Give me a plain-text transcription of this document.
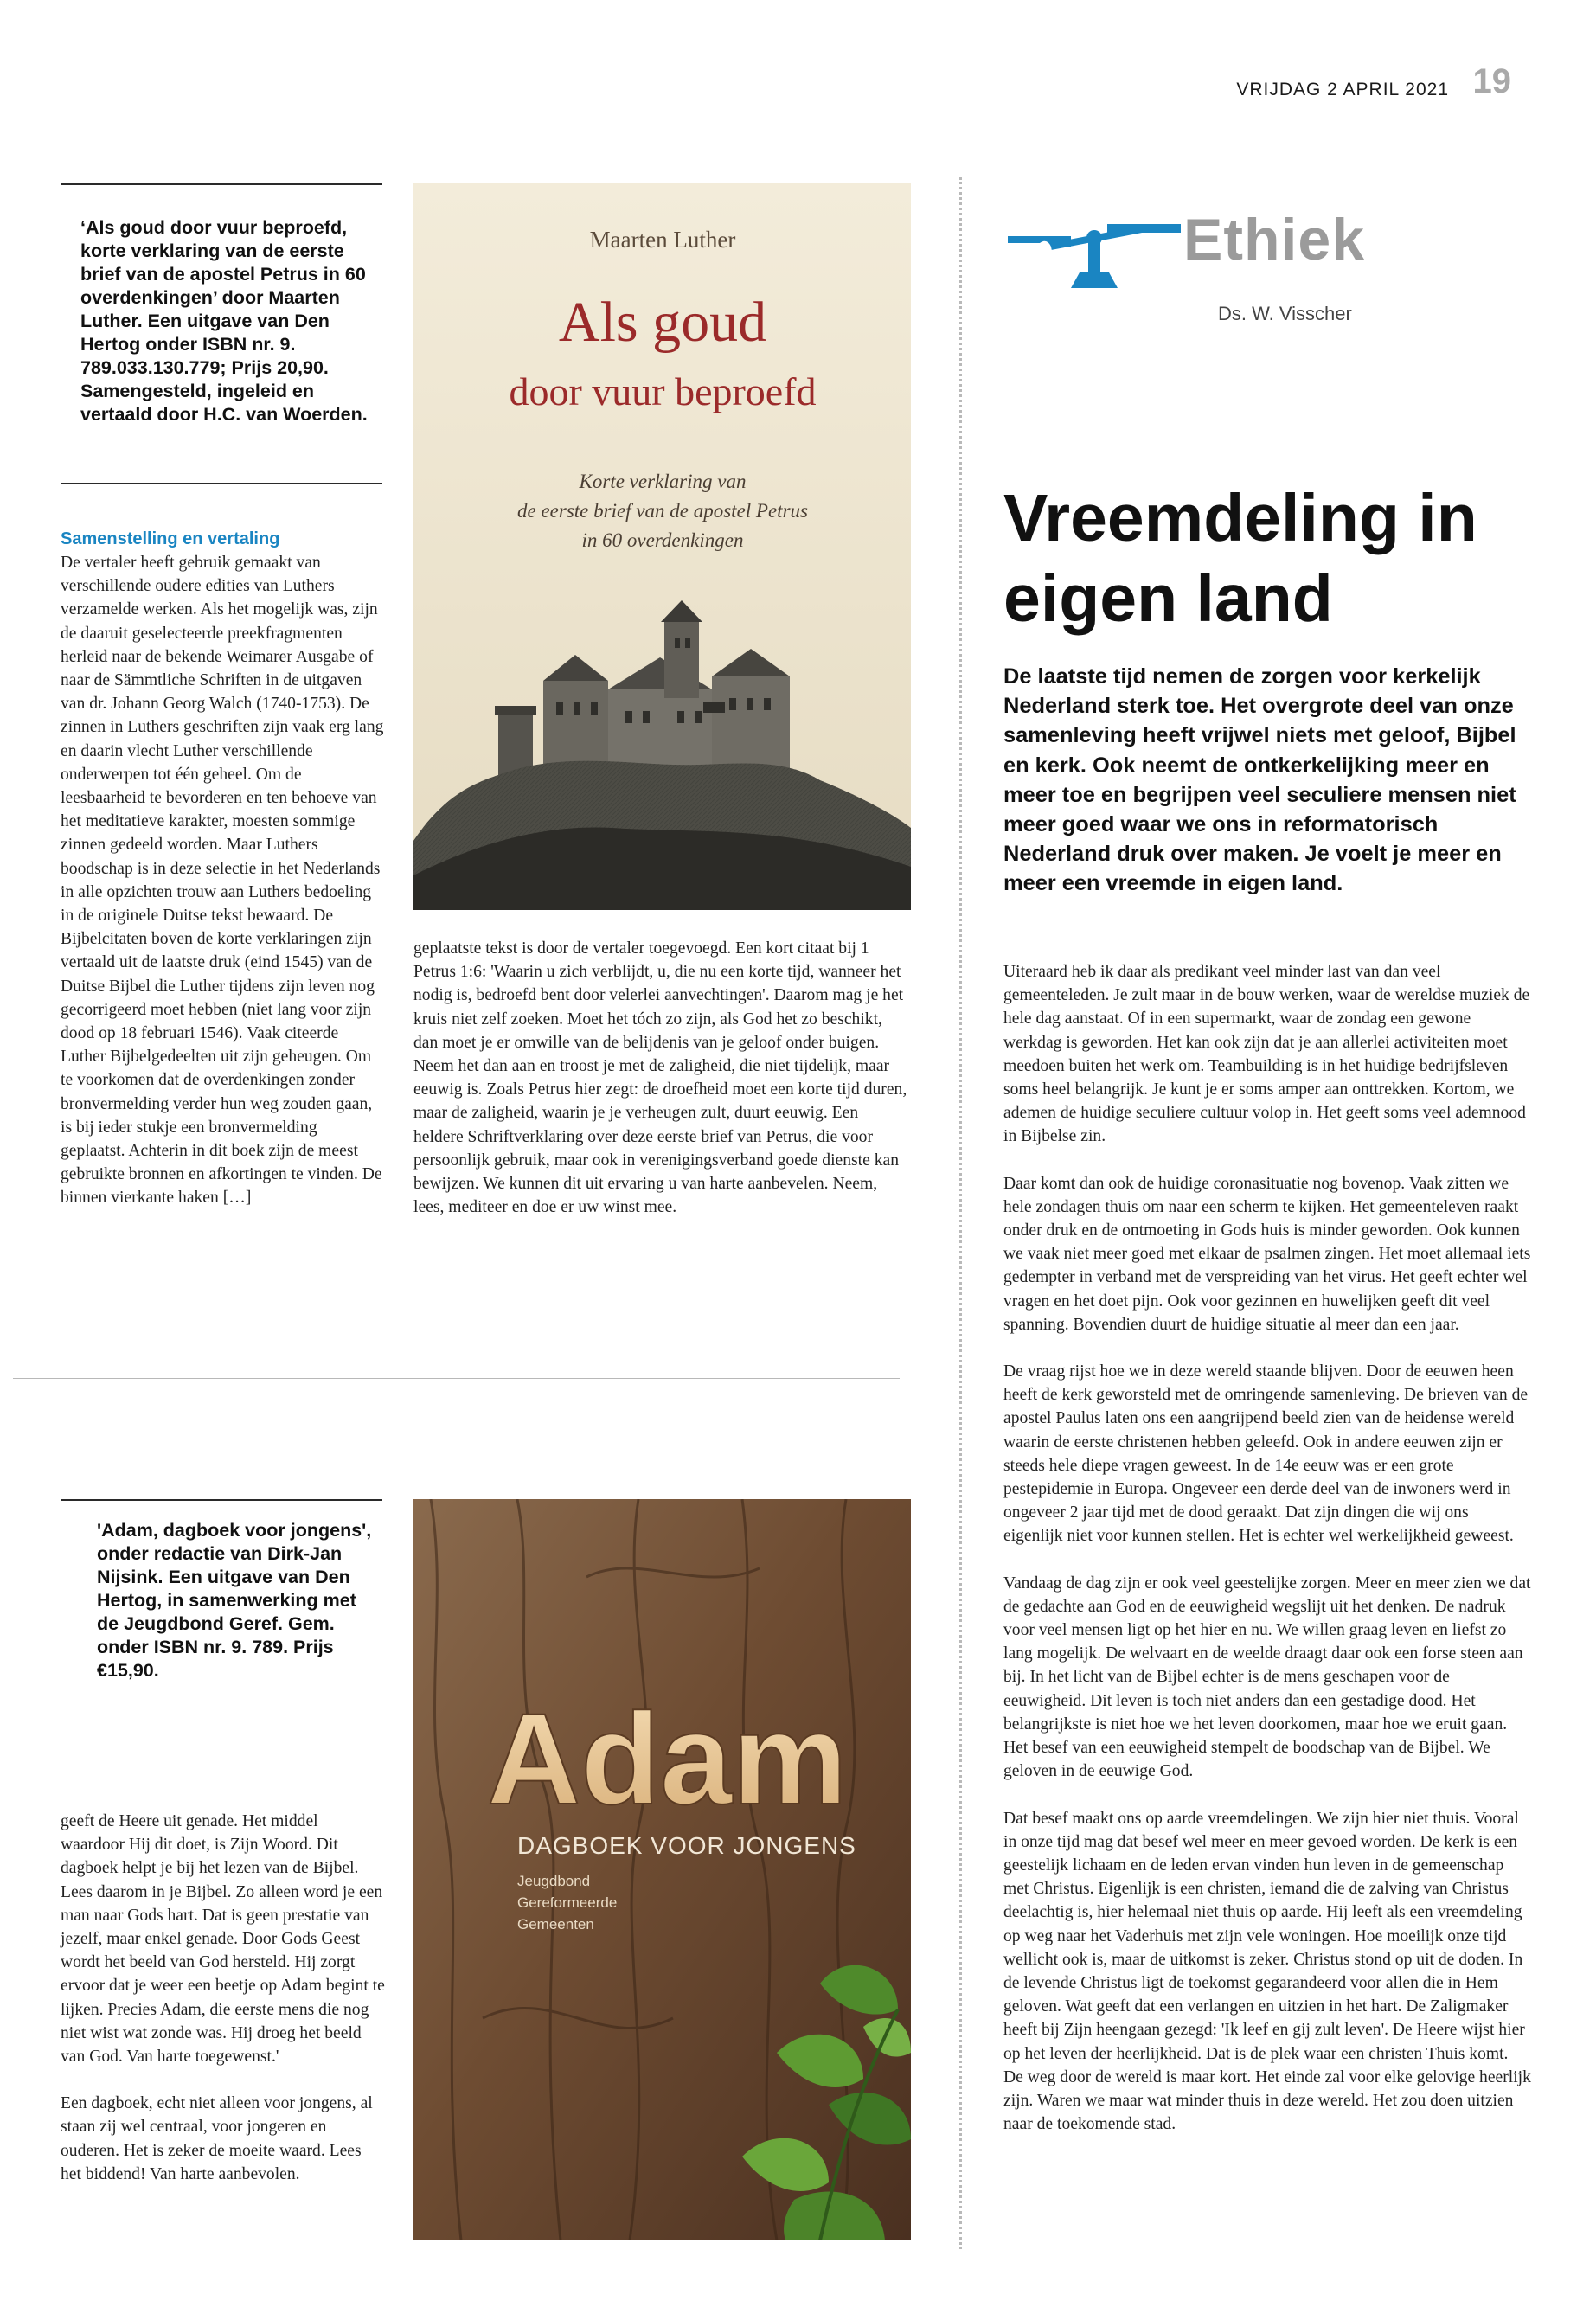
VRIJDAG 2 APRIL 2021 19
‘Als goud door vuur beproefd, korte verklaring van de eerste brief van de apostel Petrus in 60 overdenkingen’ door Maarten Luther. Een uitgave van Den Hertog onder ISBN nr. 9. 789.033.130.779; Prijs 20,90. Samengesteld, ingeleid en vertaald door H.C. van Woerden.
Maarten Luther
Als goud
door vuur beproefd
Korte verklaring van
de eerste brief van de apostel Petrus
in 60 overdenkingen
Samenstelling en vertaling
De vertaler heeft gebruik gemaakt van verschillende oudere edities van Luthers verzamelde werken. Als het mogelijk was, zijn de daaruit geselecteerde preekfragmenten herleid naar de bekende Weimarer Ausgabe of naar de Sämmtliche Schriften in de uitgaven van dr. Johann Georg Walch (1740-1753). De zinnen in Luthers geschriften zijn vaak erg lang en daarin vlecht Luther verschillende onderwerpen tot één geheel. Om de leesbaarheid te bevorderen en ten behoeve van het meditatieve karakter, moesten sommige zinnen gedeeld worden. Maar Luthers boodschap is in deze selectie in het Nederlands in alle opzichten trouw aan Luthers bedoeling in de originele Duitse tekst bewaard. De Bijbelcitaten boven de korte verklaringen zijn vertaald uit de laatste druk (eind 1545) van de Duitse Bijbel die Luther tijdens zijn leven nog gecorrigeerd moet hebben (niet lang voor zijn dood op 18 februari 1546). Vaak citeerde Luther Bijbelgedeelten uit zijn geheugen. Om te voorkomen dat de overdenkingen zonder bronvermelding verder hun weg zouden gaan, is bij ieder stukje een bronvermelding geplaatst. Achterin in dit boek zijn de meest gebruikte bronnen en afkortingen te vinden. De binnen vierkante haken […]
geplaatste tekst is door de vertaler toegevoegd. Een kort citaat bij 1 Petrus 1:6: 'Waarin u zich verblijdt, u, die nu een korte tijd, wanneer het nodig is, bedroefd bent door velerlei aanvechtingen'. Daarom mag je het kruis niet zelf zoeken. Moet het tóch zo zijn, als God het zo beschikt, dan moet je er omwille van de belijdenis van je geloof onder buigen. Neem het dan aan en troost je met de zaligheid, die niet tijdelijk, maar eeuwig is. Zoals Petrus hier zegt: de droefheid moet een korte tijd duren, maar de zaligheid, waarin je je verheugen zult, duurt eeuwig. Een heldere Schriftverklaring over deze eerste brief van Petrus, die voor persoonlijk gebruik, maar ook in verenigingsverband goede dienste kan bewijzen. We kunnen dit uit ervaring u van harte aanbevelen. Neem, lees, mediteer en doe er uw winst mee.
'Adam, dagboek voor jongens', onder redactie van Dirk-Jan Nijsink. Een uitgave van Den Hertog, in samenwerking met de Jeugdbond Geref. Gem. onder ISBN nr. 9. 789. Prijs €15,90.
Adam
DAGBOEK VOOR JONGENS
Jeugdbond
Gereformeerde
Gemeenten

geeft de Heere uit genade. Het middel waardoor Hij dit doet, is Zijn Woord. Dit dagboek helpt je bij het lezen van de Bijbel. Lees daarom in je Bijbel. Zo alleen word je een man naar Gods hart. Dat is geen prestatie van jezelf, maar enkel genade. Door Gods Geest wordt het beeld van God hersteld. Hij zorgt ervoor dat je weer een beetje op Adam begint te lijken. Precies Adam, die eerste mens die nog niet wist wat zonde was. Hij droeg het beeld van God. Van harte toegewenst.'

Een dagboek, echt niet alleen voor jongens, al staan zij wel centraal, voor jongeren en ouderen. Het is zeker de moeite waard. Lees het biddend! Van harte aanbevolen.

Ethiek
Ds. W. Visscher
Vreemdeling in eigen land
De laatste tijd nemen de zorgen voor kerkelijk Nederland sterk toe. Het overgrote deel van onze samenleving heeft vrijwel niets met geloof, Bijbel en kerk. Ook neemt de ontkerkelijking meer en meer toe en begrijpen veel seculiere mensen niet meer goed waar we ons in reformatorisch Nederland druk over maken. Je voelt je meer en meer een vreemde in eigen land.

Uiteraard heb ik daar als predikant veel minder last van dan veel gemeenteleden. Je zult maar in de bouw werken, waar de wereldse muziek de hele dag aanstaat. Of in een supermarkt, waar de zondag een gewone werkdag is geworden. Het kan ook zijn dat je aan allerlei activiteiten moet meedoen buiten het werk om. Teambuilding is in het huidige bedrijfsleven soms heel belangrijk. Je kunt je er soms amper aan onttrekken. Kortom, we ademen de huidige seculiere cultuur volop in. Het geeft soms veel ademnood in Bijbelse zin.

Daar komt dan ook de huidige coronasituatie nog bovenop. Vaak zitten we hele zondagen thuis om naar een scherm te kijken. Het gemeenteleven raakt onder druk en de ontmoeting in Gods huis is minder geworden. Ook kunnen we vaak niet meer goed met elkaar de psalmen zingen. Het moet allemaal iets gedempter in verband met de verspreiding van het virus. Het geeft echter wel vragen en het doet pijn. Ook voor gezinnen en huwelijken geeft dit veel spanning. Bovendien duurt de huidige situatie al meer dan een jaar.

De vraag rijst hoe we in deze wereld staande blijven. Door de eeuwen heen heeft de kerk geworsteld met de omringende samenleving. De brieven van de apostel Paulus laten ons een aangrijpend beeld zien van de heidense wereld waarin de eerste christenen hebben geleefd. Ook in andere eeuwen zijn er steeds hele diepe vragen geweest. In de 14e eeuw was er een grote pestepidemie in Europa. Ongeveer een derde deel van de inwoners werd in ongeveer 2 jaar tijd met de dood geraakt. Dat zijn dingen die wij ons eigenlijk niet voor kunnen stellen. Het is echter wel werkelijkheid geweest.

Vandaag de dag zijn er ook veel geestelijke zorgen. Meer en meer zien we dat de gedachte aan God en de eeuwigheid wegslijt uit het denken. De nadruk voor veel mensen ligt op het hier en nu. We willen graag leven en liefst zo lang mogelijk. De welvaart en de weelde draagt daar ook een forse steen aan bij. In het licht van de Bijbel echter is de mens geschapen voor de eeuwigheid. Dit leven is toch niet anders dan een gestadige dood. Het belangrijkste is niet hoe we het leven doorkomen, maar hoe we eruit gaan. Het besef van een eeuwigheid stempelt de boodschap van de Bijbel. We geloven in de eeuwige God.

Dat besef maakt ons op aarde vreemdelingen. We zijn hier niet thuis. Vooral in onze tijd mag dat besef wel meer en meer gevoed worden. De kerk is een geestelijk lichaam en de leden ervan vinden hun leven in de gemeenschap met Christus. Eigenlijk is een christen, iemand die de zalving van Christus deelachtig is, hier helemaal niet thuis op aarde. Hij leeft als een vreemdeling op weg naar het Vaderhuis met zijn vele woningen. Hoe moeilijk onze tijd wellicht ook is, maar de uitkomst is zeker. Christus stond op uit de doden. In de levende Christus ligt de toekomst gegarandeerd voor allen die in Hem geloven. Wat geeft dat een verlangen en uitzien in het hart. De Zaligmaker heeft bij Zijn heengaan gezegd: 'Ik leef en gij zult leven'. De Heere wijst hier op het leven der heerlijkheid. Dat is de plek waar een christen Thuis komt. De weg door de wereld is maar kort. Het einde zal voor elke gelovige heerlijk zijn. Waren we maar wat minder thuis in deze wereld. Het zou doen uitzien naar de toekomende stad.
